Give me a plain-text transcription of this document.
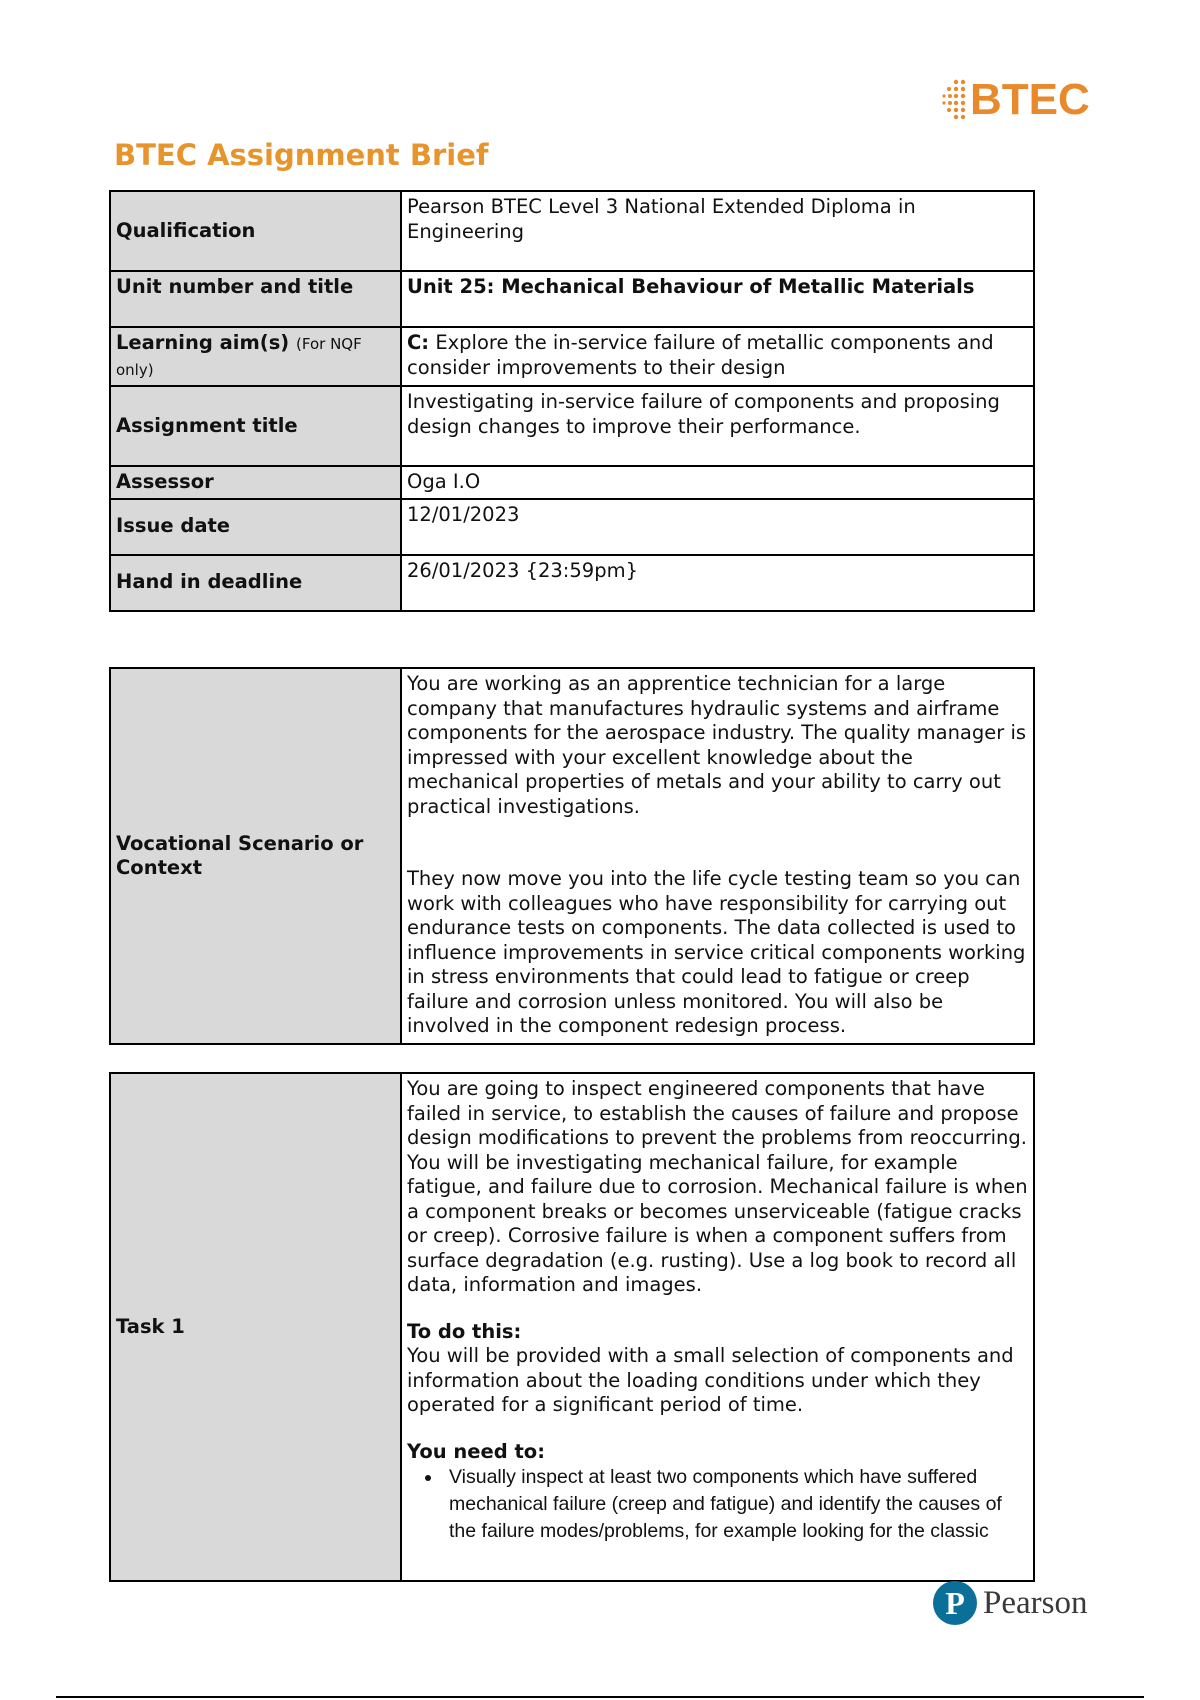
BTEC
BTEC Assignment Brief
Qualification	Pearson BTEC Level 3 National Extended Diploma in Engineering
Unit number and title	Unit 25: Mechanical Behaviour of Metallic Materials
Learning aim(s) (For NQF only)	C: Explore the in-service failure of metallic components and consider improvements to their design
Assignment title	Investigating in-service failure of components and proposing design changes to improve their performance.
Assessor	Oga I.O
Issue date	12/01/2023
Hand in deadline	26/01/2023 {23:59pm}
Vocational Scenario or Context	
You are working as an apprentice technician for a large company that manufactures hydraulic systems and airframe components for the aerospace industry. The quality manager is impressed with your excellent knowledge about the mechanical properties of metals and your ability to carry out practical investigations.
They now move you into the life cycle testing team so you can work with colleagues who have responsibility for carrying out endurance tests on components. The data collected is used to influence improvements in service critical components working in stress environments that could lead to fatigue or creep failure and corrosion unless monitored. You will also be involved in the component redesign process.
Task 1	
You are going to inspect engineered components that have failed in service, to establish the causes of failure and propose design modifications to prevent the problems from reoccurring. You will be investigating mechanical failure, for example fatigue, and failure due to corrosion. Mechanical failure is when a component breaks or becomes unserviceable (fatigue cracks or creep). Corrosive failure is when a component suffers from surface degradation (e.g. rusting). Use a log book to record all data, information and images.
To do this:
You will be provided with a small selection of components and information about the loading conditions under which they operated for a significant period of time.
You need to:
• Visually inspect at least two components which have suffered mechanical failure (creep and fatigue) and identify the causes of the failure modes/problems, for example looking for the classic
P Pearson
